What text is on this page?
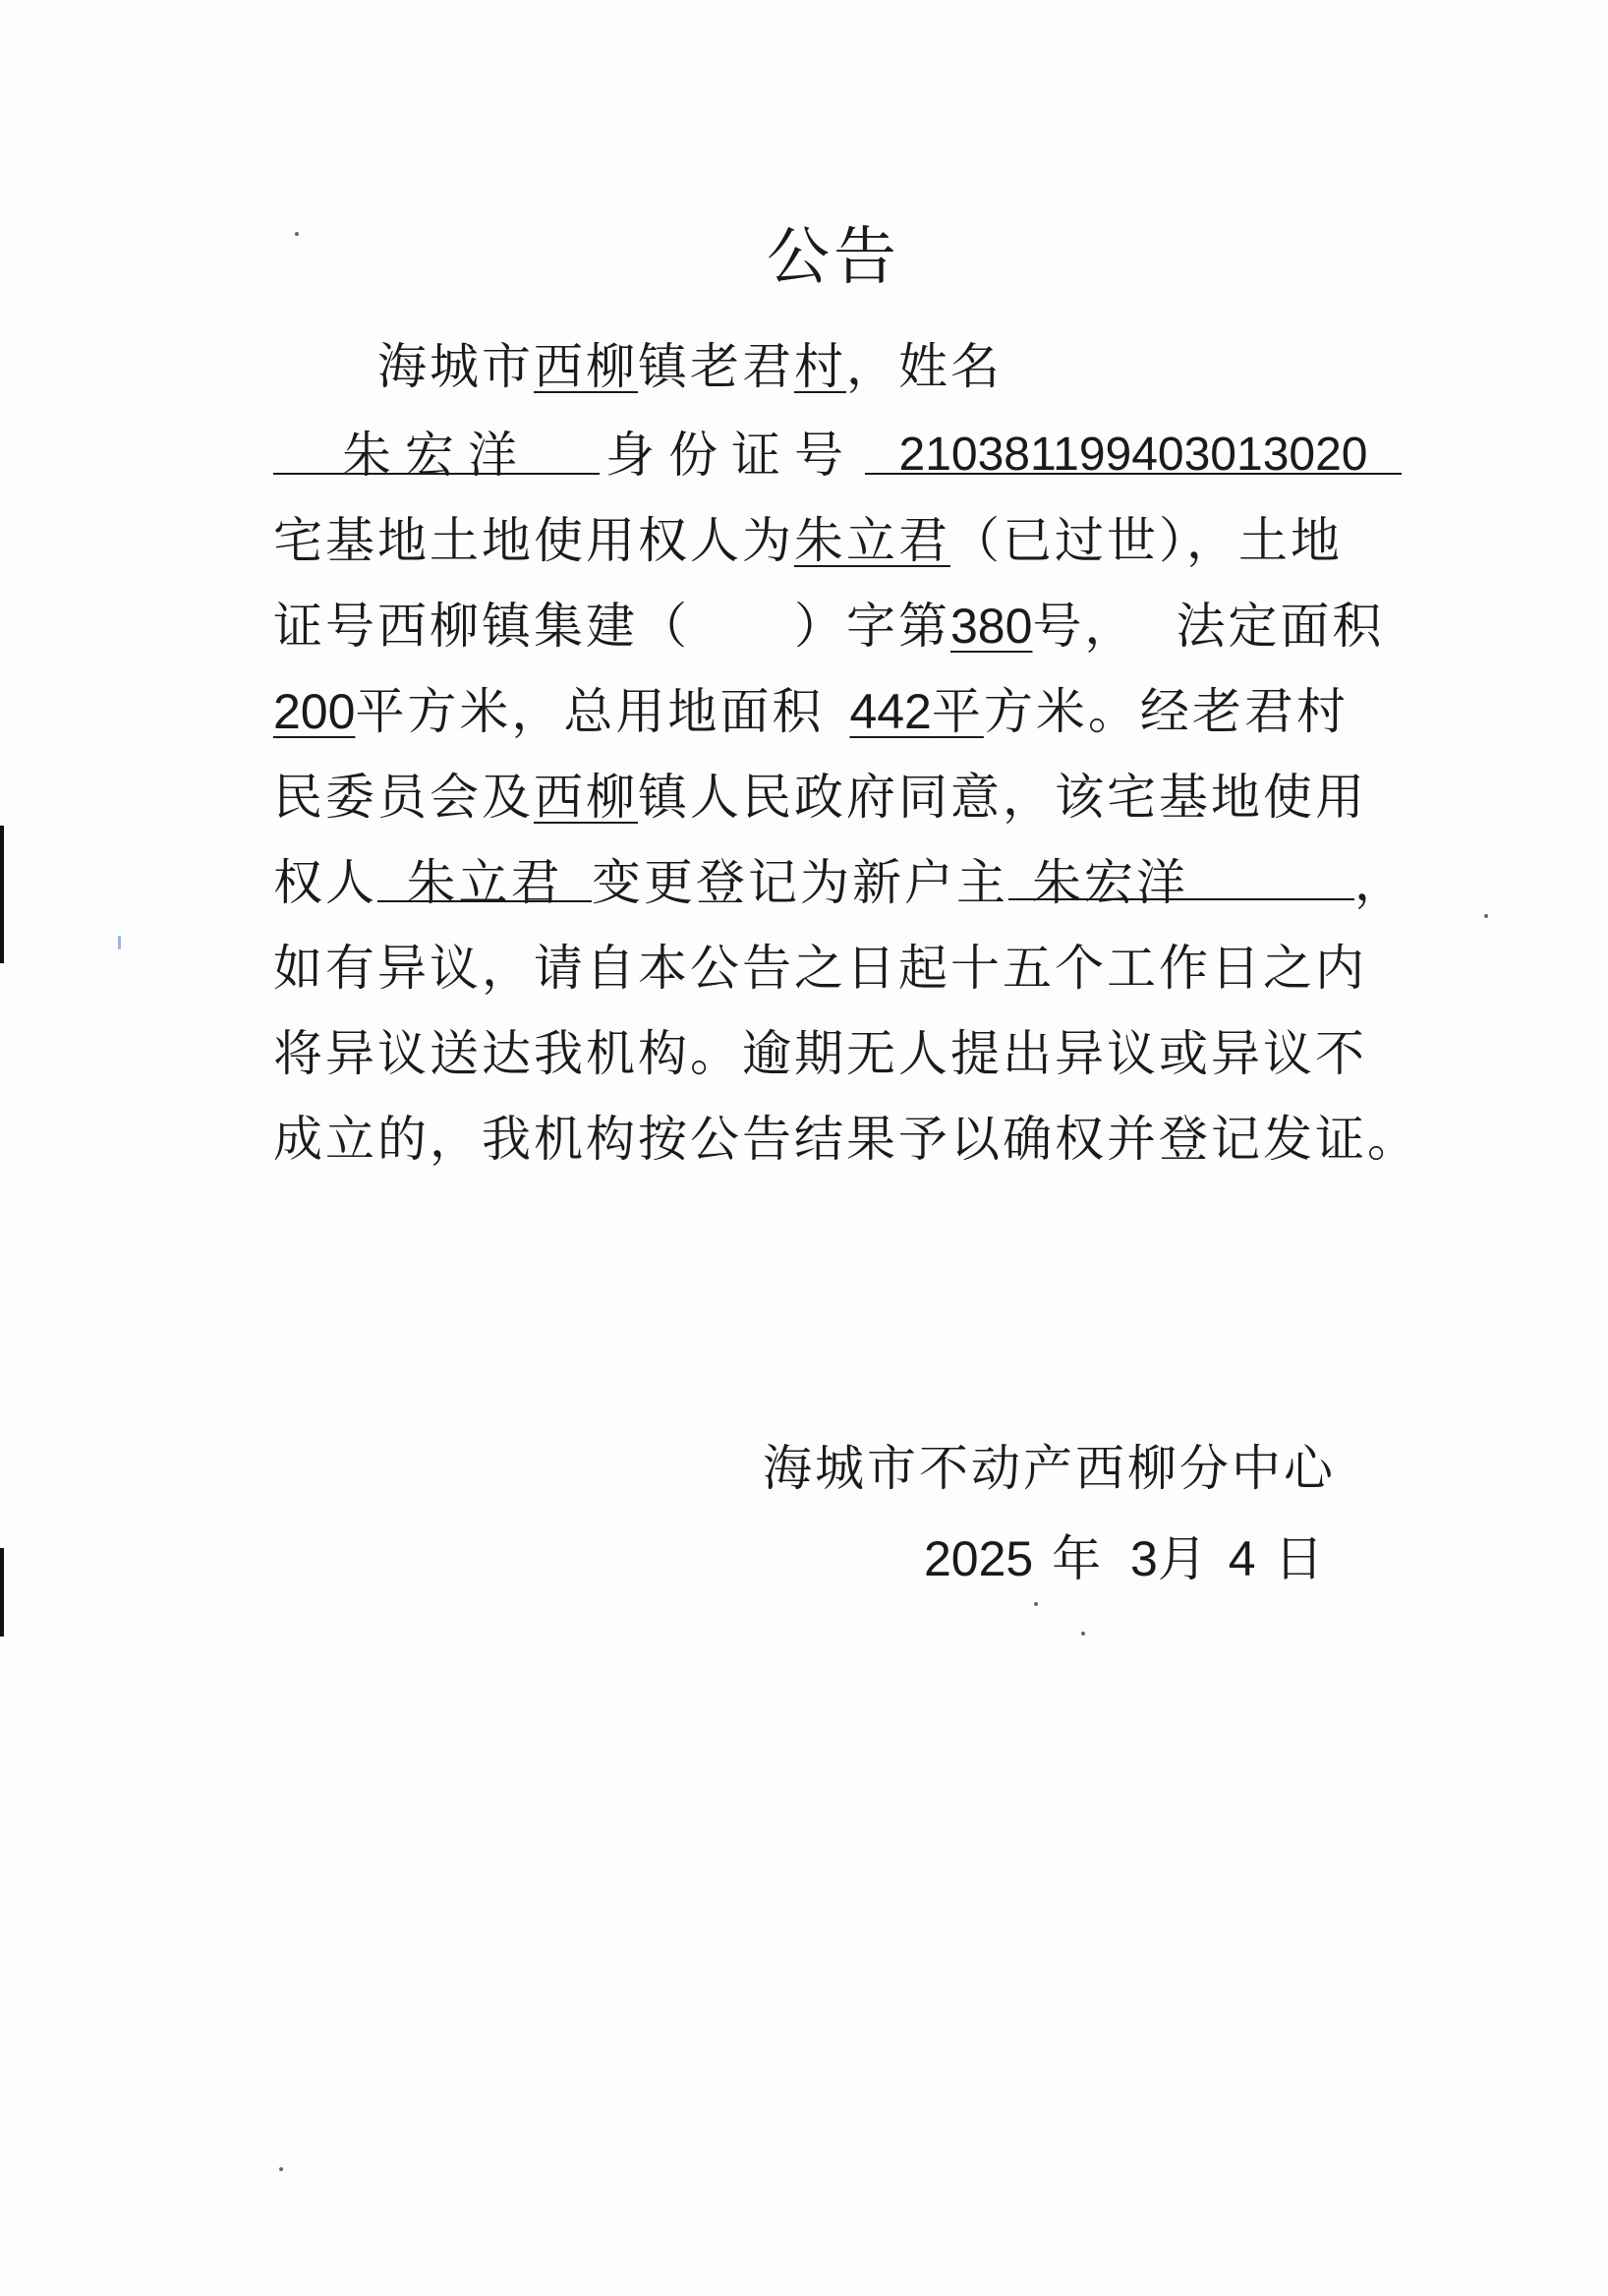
公告
海城市西柳镇老君村，姓名
朱宏洋 身份证号 210381199403013020
宅基地土地使用权人为朱立君（已过世），土地
证号西柳镇集建（　　）字第380号， 法定面积
200平方米，总用地面积 442平方米。经老君村
民委员会及西柳镇人民政府同意，该宅基地使用
权人 朱立君 变更登记为新户主 朱宏洋	，
如有异议，请自本公告之日起十五个工作日之内
将异议送达我机构。逾期无人提出异议或异议不
成立的，我机构按公告结果予以确权并登记发证。
海城市不动产西柳分中心
2025 年 3月 4 日
